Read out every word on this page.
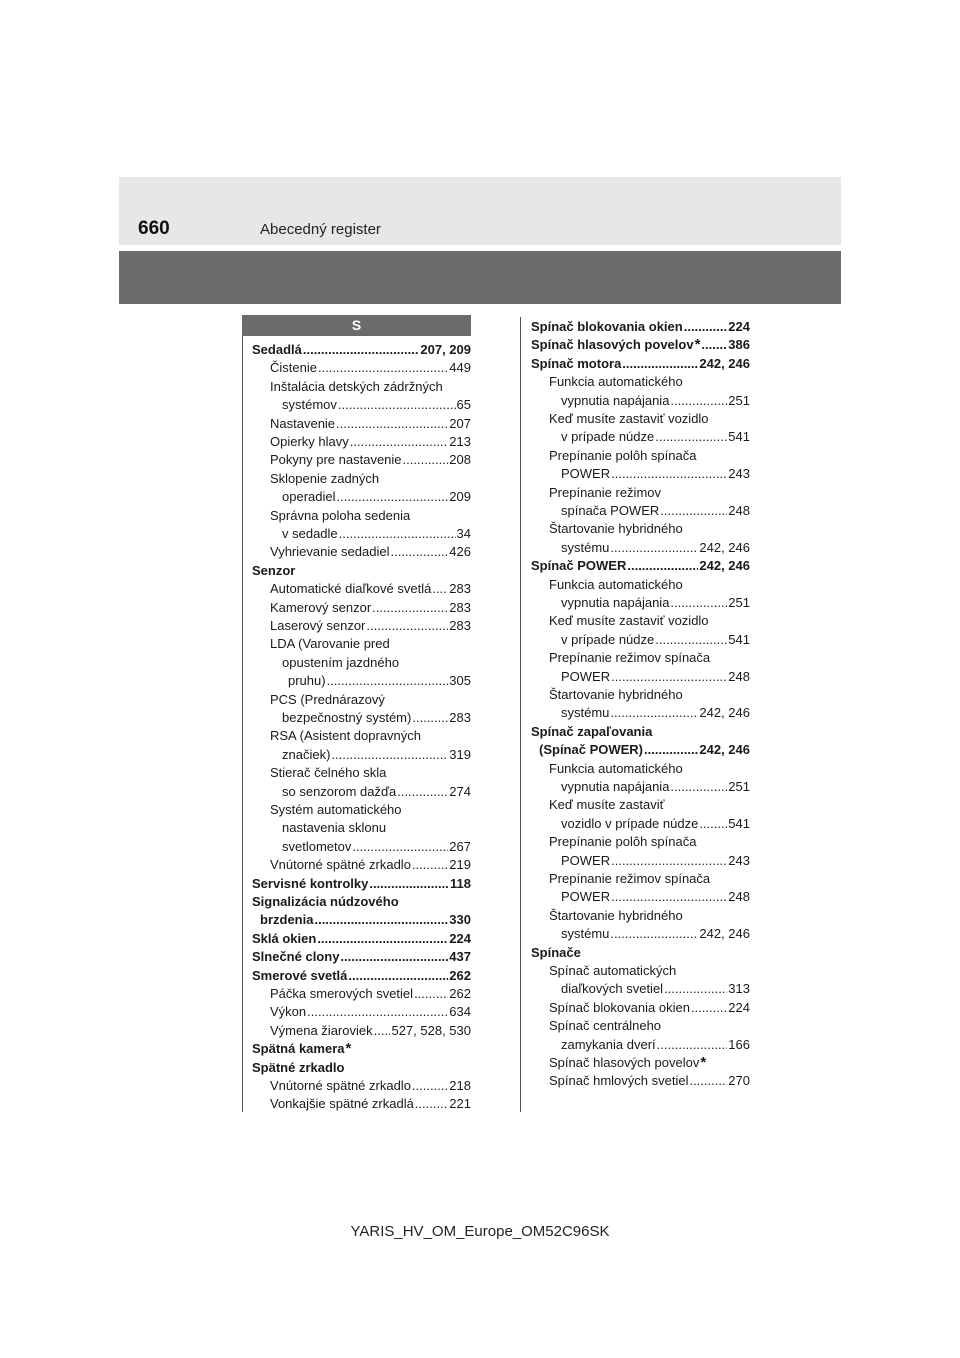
660	Abecedný register
S
Sedadlá .....	207, 209
Čistenie .....	449
Inštalácia detských zádržných
systémov .....	65
Nastavenie .....	207
Opierky hlavy .....	213
Pokyny pre nastavenie .....	208
Sklopenie zadných
operadiel .....	209
Správna poloha sedenia
v sedadle .....	34
Vyhrievanie sedadiel .....	426
Senzor
Automatické diaľkové svetlá ..... 283
Kamerový senzor .....	283
Laserový senzor .....	283
LDA (Varovanie pred
opustením jazdného
pruhu) .....	305
PCS (Prednárazový
bezpečnostný systém) .....	283
RSA (Asistent dopravných
značiek) .....	319
Stierač čelného skla
so senzorom dažďa .....	274
Systém automatického
nastavenia sklonu
svetlometov .....	267
Vnútorné spätné zrkadlo .....	219
Servisné kontrolky .....	118
Signalizácia núdzového
brzdenia .....	330
Sklá okien .....	224
Slnečné clony .....	437
Smerové svetlá .....	262
Páčka smerových svetiel .....	262
Výkon .....	634
Výmena žiaroviek ..... 527, 528, 530
Spätná kamera *
Spätné zrkadlo
Vnútorné spätné zrkadlo .....	218
Vonkajšie spätné zrkadlá .....	221
Spínač blokovania okien .....	224
Spínač hlasových povelov * ..... 386
Spínač motora .....	242, 246
Funkcia automatického
vypnutia napájania .....	251
Keď musíte zastaviť vozidlo
v prípade núdze .....	541
Prepínanie polôh spínača
POWER .....	243
Prepínanie režimov
spínača POWER .....	248
Štartovanie hybridného
systému .....	242, 246
Spínač POWER .....	242, 246
Funkcia automatického
vypnutia napájania .....	251
Keď musíte zastaviť vozidlo
v prípade núdze .....	541
Prepínanie režimov spínača
POWER .....	248
Štartovanie hybridného
systému .....	242, 246
Spínač zapaľovania
(Spínač POWER) .....	242, 246
Funkcia automatického
vypnutia napájania .....	251
Keď musíte zastaviť
vozidlo v prípade núdze ..... 541
Prepínanie polôh spínača
POWER .....	243
Prepínanie režimov spínača
POWER .....	248
Štartovanie hybridného
systému .....	242, 246
Spínače
Spínač automatických
diaľkových svetiel .....	313
Spínač blokovania okien .....	224
Spínač centrálneho
zamykania dverí .....	166
Spínač hlasových povelov *
Spínač hmlových svetiel .....	270
YARIS_HV_OM_Europe_OM52C96SK
